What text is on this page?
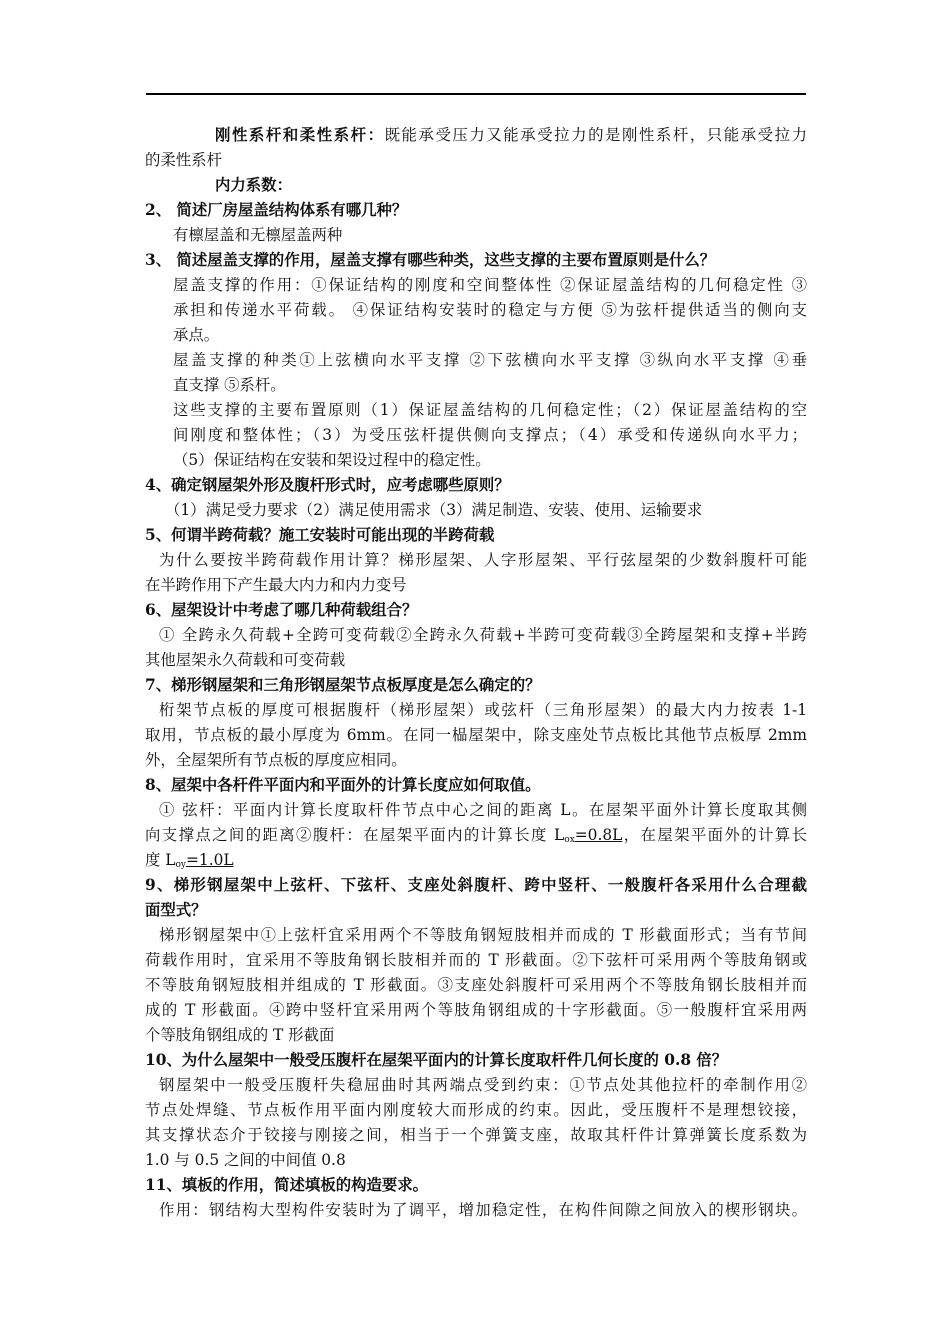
刚性系杆和柔性系杆：既能承受压力又能承受拉力的是刚性系杆，只能承受拉力
的柔性系杆
内力系数：
2、 简述厂房屋盖结构体系有哪几种？
有檩屋盖和无檩屋盖两种
3、 简述屋盖支撑的作用，屋盖支撑有哪些种类，这些支撑的主要布置原则是什么？
屋盖支撑的作用：①保证结构的刚度和空间整体性 ②保证屋盖结构的几何稳定性 ③
承担和传递水平荷载。 ④保证结构安装时的稳定与方便 ⑤为弦杆提供适当的侧向支
承点。
屋盖支撑的种类①上弦横向水平支撑 ②下弦横向水平支撑 ③纵向水平支撑 ④垂
直支撑 ⑤系杆。
这些支撑的主要布置原则（1）保证屋盖结构的几何稳定性；（2）保证屋盖结构的空
间刚度和整体性；（3）为受压弦杆提供侧向支撑点；（4）承受和传递纵向水平力；
（5）保证结构在安装和架设过程中的稳定性。
4、确定钢屋架外形及腹杆形式时，应考虑哪些原则？
（1）满足受力要求（2）满足使用需求（3）满足制造、安装、使用、运输要求
5、何谓半跨荷载？施工安装时可能出现的半跨荷载
为什么要按半跨荷载作用计算？梯形屋架、人字形屋架、平行弦屋架的少数斜腹杆可能
在半跨作用下产生最大内力和内力变号
6、屋架设计中考虑了哪几种荷载组合？
① 全跨永久荷载+全跨可变荷载②全跨永久荷载+半跨可变荷载③全跨屋架和支撑+半跨
其他屋架永久荷载和可变荷载
7、梯形钢屋架和三角形钢屋架节点板厚度是怎么确定的？
桁架节点板的厚度可根据腹杆（梯形屋架）或弦杆（三角形屋架）的最大内力按表 1-1
取用，节点板的最小厚度为 6mm。在同一榀屋架中，除支座处节点板比其他节点板厚 2mm
外，全屋架所有节点板的厚度应相同。
8、屋架中各杆件平面内和平面外的计算长度应如何取值。
① 弦杆：平面内计算长度取杆件节点中心之间的距离 L。在屋架平面外计算长度取其侧
向支撑点之间的距离②腹杆：在屋架平面内的计算长度 $L_{ox}=0.8L$，在屋架平面外的计算长
度 $L_{oy}=1.0L$
9、梯形钢屋架中上弦杆、下弦杆、支座处斜腹杆、跨中竖杆、一般腹杆各采用什么合理截
面型式？
梯形钢屋架中①上弦杆宜采用两个不等肢角钢短肢相并而成的 T 形截面形式；当有节间
荷载作用时，宜采用不等肢角钢长肢相并而的 T 形截面。②下弦杆可采用两个等肢角钢或
不等肢角钢短肢相并组成的 T 形截面。③支座处斜腹杆可采用两个不等肢角钢长肢相并而
成的 T 形截面。④跨中竖杆宜采用两个等肢角钢组成的十字形截面。⑤一般腹杆宜采用两
个等肢角钢组成的 T 形截面
10、为什么屋架中一般受压腹杆在屋架平面内的计算长度取杆件几何长度的 0.8 倍？
钢屋架中一般受压腹杆失稳屈曲时其两端点受到约束：①节点处其他拉杆的牵制作用②
节点处焊缝、节点板作用平面内刚度较大而形成的约束。因此，受压腹杆不是理想铰接，
其支撑状态介于铰接与刚接之间，相当于一个弹簧支座，故取其杆件计算弹簧长度系数为
1.0 与 0.5 之间的中间值 0.8
11、填板的作用，简述填板的构造要求。
作用：钢结构大型构件安装时为了调平，增加稳定性，在构件间隙之间放入的楔形钢块。
